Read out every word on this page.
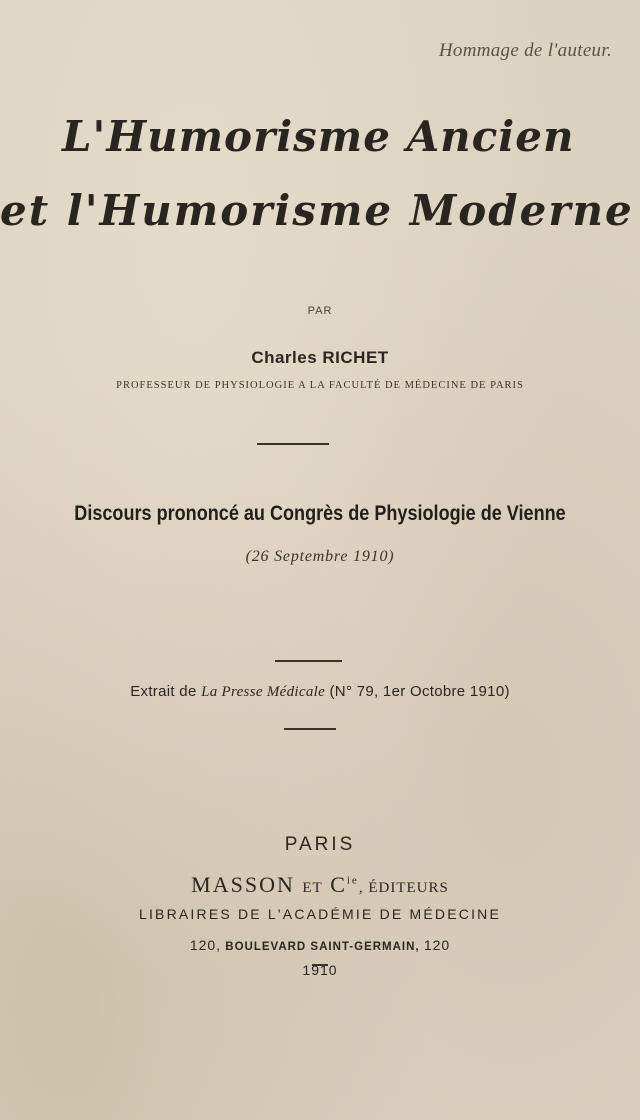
Hommage de l'auteur.
L'Humorisme Ancien
et l'Humorisme Moderne
PAR
Charles RICHET
PROFESSEUR DE PHYSIOLOGIE A LA FACULTÉ DE MÉDECINE DE PARIS
Discours prononcé au Congrès de Physiologie de Vienne
(26 Septembre 1910)
Extrait de La Presse Médicale (N° 79, 1er Octobre 1910)
PARIS
MASSON ET $C^{ie}$, ÉDITEURS
LIBRAIRES DE L'ACADÉMIE DE MÉDECINE
120, BOULEVARD SAINT-GERMAIN, 120
1910
